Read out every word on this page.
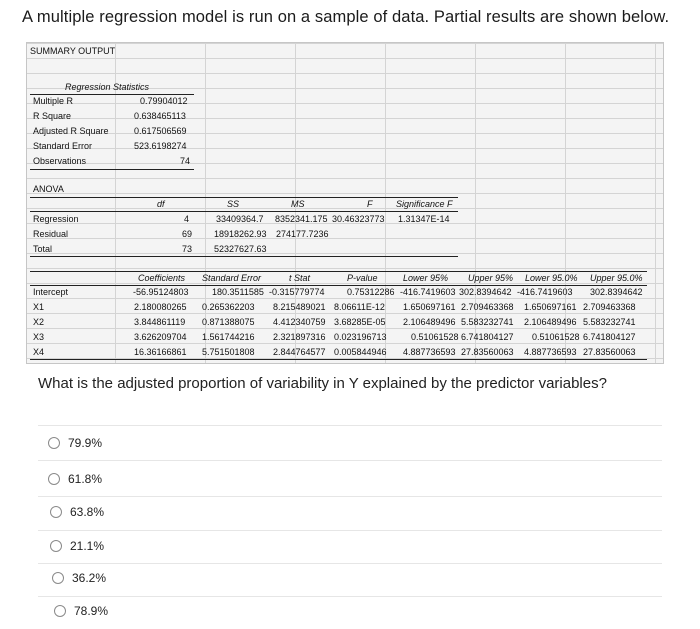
A multiple regression model is run on a sample of data. Partial results are shown below.
SUMMARY OUTPUT
Regression Statistics
Multiple R	0.79904012
R Square	0.638465113
Adjusted R Square	0.617506569
Standard Error	523.6198274
Observations	74
ANOVA
df	SS	MS	F	Significance F
Regression	4	33409364.7 8352341.175 30.46323773 1.31347E-14
Residual	69 18918262.93 274177.7236
Total	73 52327627.63
Coefficients Standard Error	t Stat	P-value	Lower 95% Upper 95% Lower 95.0% Upper 95.0%
Intercept	-56.95124803	180.3511585 -0.315779774 0.75312286 -416.7419603 302.8394642 -416.7419603 302.8394642
X1	2.180080265 0.265362203 8.215489021 8.06611E-12 1.650697161 2.709463368 1.650697161 2.709463368
X2	3.844861119 0.871388075 4.412340759 3.68285E-05 2.106489496 5.583232741 2.106489496 5.583232741
X3	3.626209704 1.561744216 2.321897316 0.023196713	0.51061528 6.741804127 0.51061528 6.741804127
X4	16.36166861 5.751501808 2.844764577 0.005844946 4.887736593 27.83560063 4.887736593 27.83560063
What is the adjusted proportion of variability in Y explained by the predictor variables?
79.9%
61.8%
63.8%
21.1%
36.2%
78.9%
